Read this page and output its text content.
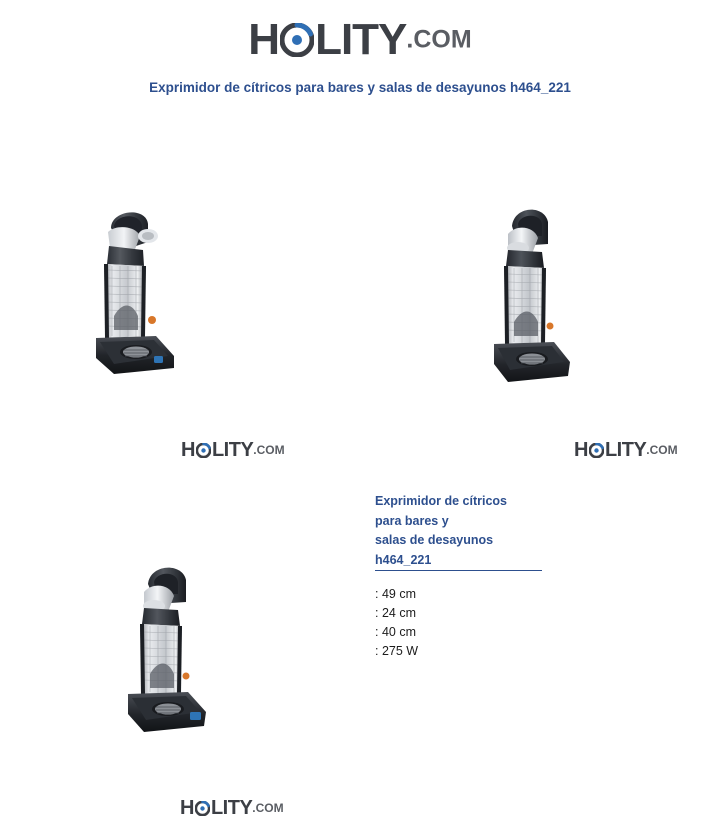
H LITY.COM
Exprimidor de cítricos para bares y salas de desayunos h464_221
H LITY.COM	H LITY.COM
H LITY.COM
Exprimidor de cítricos
para bares y
salas de desayunos
h464_221
: 49 cm
: 24 cm
: 40 cm
: 275 W
